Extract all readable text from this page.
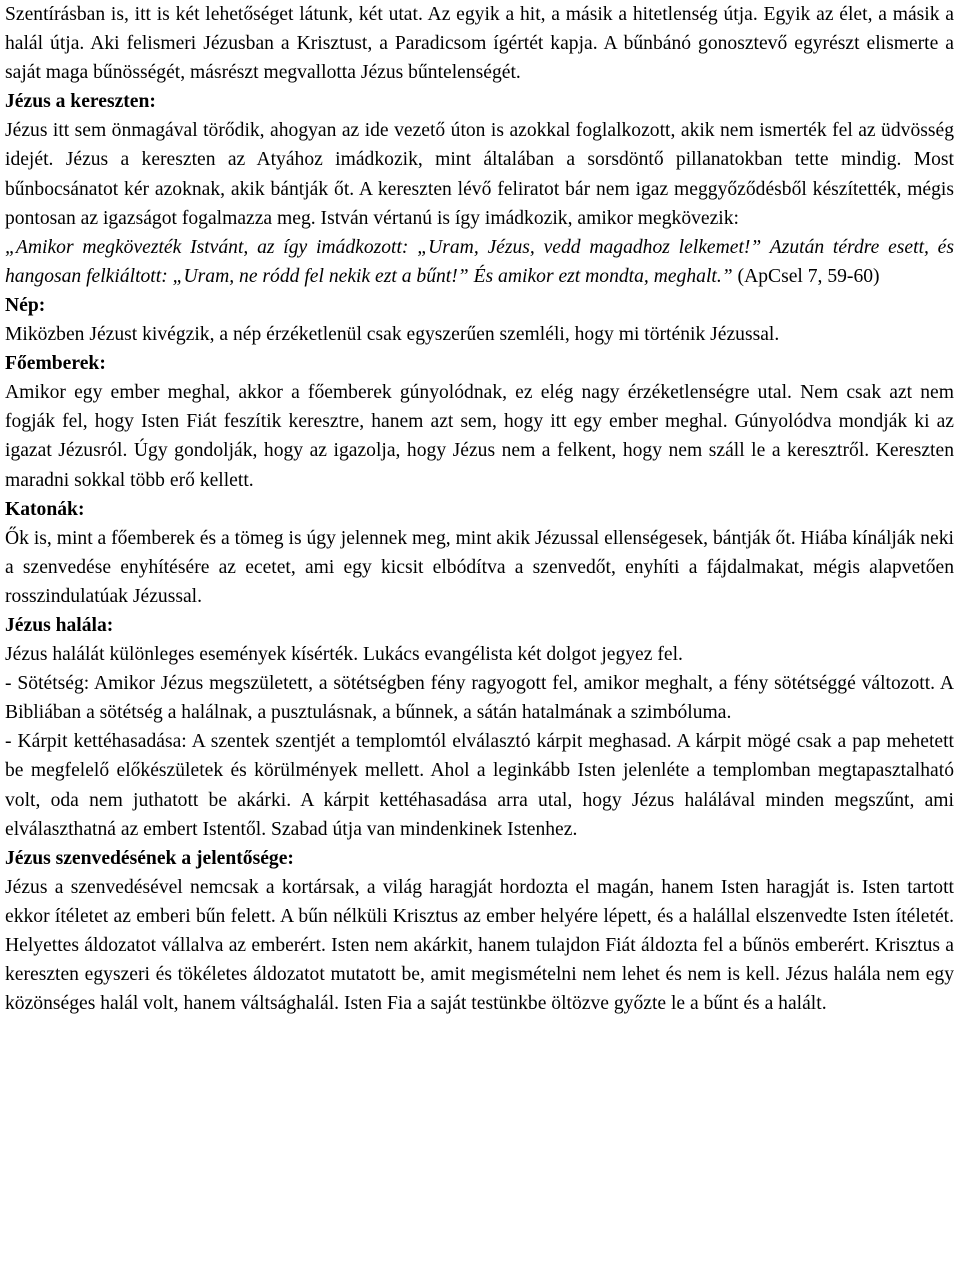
Szentírásban is, itt is két lehetőséget látunk, két utat. Az egyik a hit, a másik a hitetlenség útja. Egyik az élet, a másik a halál útja. Aki felismeri Jézusban a Krisztust, a Paradicsom ígértét kapja. A bűnbánó gonosztevő egyrészt elismerte a saját maga bűnösségét, másrészt megvallotta Jézus bűntelenségét.

Jézus a kereszten:

Jézus itt sem önmagával törődik, ahogyan az ide vezető úton is azokkal foglalkozott, akik nem ismerték fel az üdvösség idejét. Jézus a kereszten az Atyához imádkozik, mint általában a sorsdöntő pillanatokban tette mindig. Most bűnbocsánatot kér azoknak, akik bántják őt. A kereszten lévő feliratot bár nem igaz meggyőződésből készítették, mégis pontosan az igazságot fogalmazza meg. István vértanú is így imádkozik, amikor megkövezik:
„Amikor megkövezték Istvánt, az így imádkozott: „Uram, Jézus, vedd magadhoz lelkemet!” Azután térdre esett, és hangosan felkiáltott: „Uram, ne ródd fel nekik ezt a bűnt!” És amikor ezt mondta, meghalt.” (ApCsel 7, 59-60)

Nép:

Miközben Jézust kivégzik, a nép érzéketlenül csak egyszerűen szemléli, hogy mi történik Jézussal.

Főemberek:

Amikor egy ember meghal, akkor a főemberek gúnyolódnak, ez elég nagy érzéketlenségre utal. Nem csak azt nem fogják fel, hogy Isten Fiát feszítik keresztre, hanem azt sem, hogy itt egy ember meghal. Gúnyolódva mondják ki az igazat Jézusról. Úgy gondolják, hogy az igazolja, hogy Jézus nem a felkent, hogy nem száll le a keresztről. Kereszten maradni sokkal több erő kellett.

Katonák:

Ők is, mint a főemberek és a tömeg is úgy jelennek meg, mint akik Jézussal ellenségesek, bántják őt. Hiába kínálják neki a szenvedése enyhítésére az ecetet, ami egy kicsit elbódítva a szenvedőt, enyhíti a fájdalmakat, mégis alapvetően rosszindulatúak Jézussal.

Jézus halála:

Jézus halálát különleges események kísérték. Lukács evangélista két dolgot jegyez fel.

- Sötétség: Amikor Jézus megszületett, a sötétségben fény ragyogott fel, amikor meghalt, a fény sötétséggé változott. A Bibliában a sötétség a halálnak, a pusztulásnak, a bűnnek, a sátán hatalmának a szimbóluma.

- Kárpit kettéhasadása: A szentek szentjét a templomtól elválasztó kárpit meghasad. A kárpit mögé csak a pap mehetett be megfelelő előkészületek és körülmények mellett. Ahol a leginkább Isten jelenléte a templomban megtapasztalható volt, oda nem juthatott be akárki. A kárpit kettéhasadása arra utal, hogy Jézus halálával minden megszűnt, ami elválaszthatná az embert Istentől. Szabad útja van mindenkinek Istenhez.

Jézus szenvedésének a jelentősége:

Jézus a szenvedésével nemcsak a kortársak, a világ haragját hordozta el magán, hanem Isten haragját is. Isten tartott ekkor ítéletet az emberi bűn felett. A bűn nélküli Krisztus az ember helyére lépett, és a halállal elszenvedte Isten ítéletét. Helyettes áldozatot vállalva az emberért. Isten nem akárkit, hanem tulajdon Fiát áldozta fel a bűnös emberért. Krisztus a kereszten egyszeri és tökéletes áldozatot mutatott be, amit megismételni nem lehet és nem is kell. Jézus halála nem egy közönséges halál volt, hanem váltsághalál. Isten Fia a saját testünkbe öltözve győzte le a bűnt és a halált.
